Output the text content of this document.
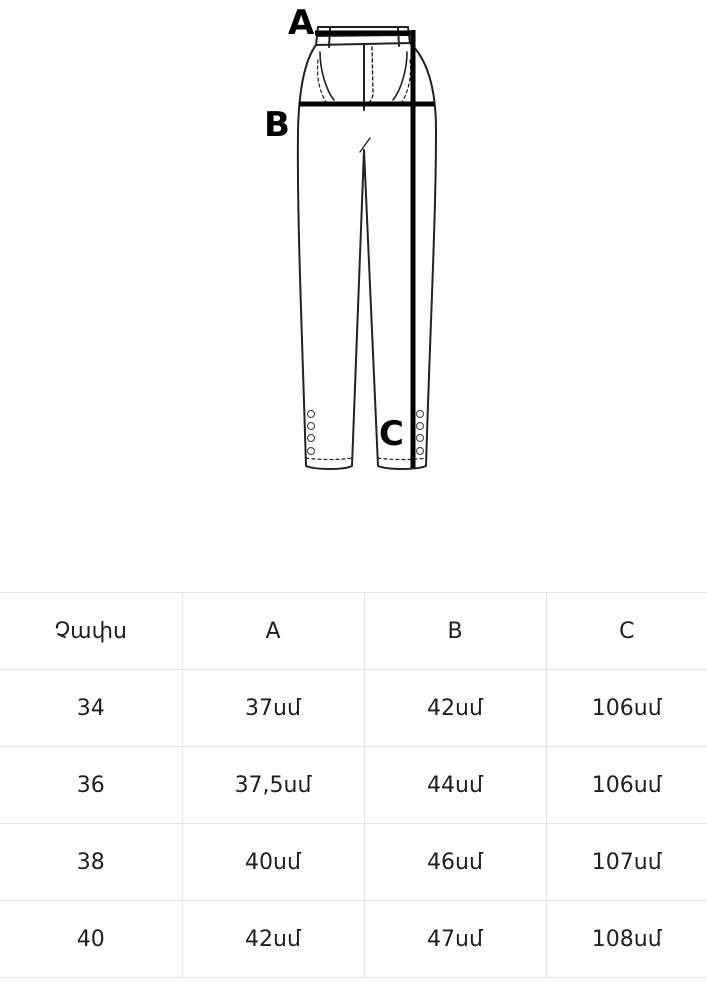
A
B
C
Չափս	A	B	C
34	37սմ	42սմ	106սմ
36	37,5սմ	44սմ	106սմ
38	40սմ	46սմ	107սմ
40	42սմ	47սմ	108սմ
